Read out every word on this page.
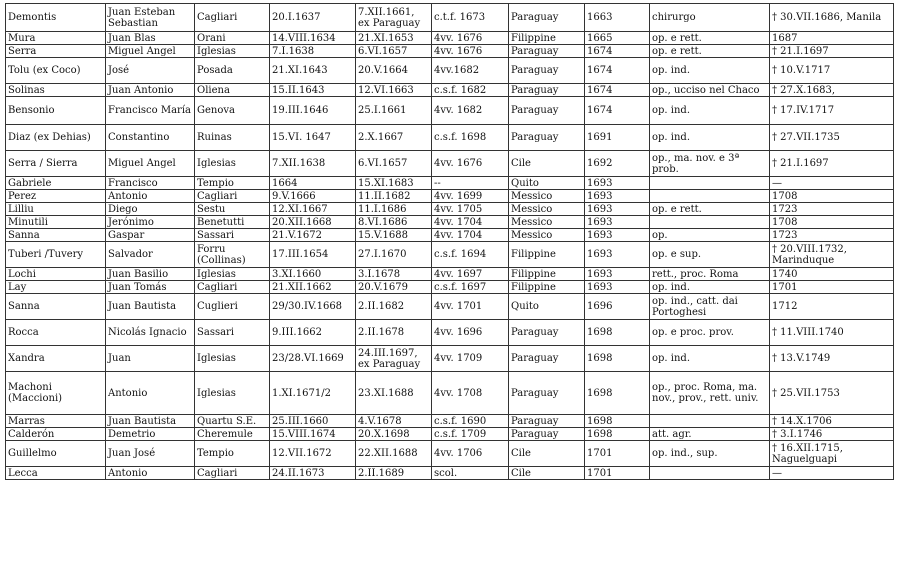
Demontis	Juan Esteban Sebastian	Cagliari	20.I.1637	7.XII.1661, ex Paraguay	c.t.f. 1673	Paraguay	1663	chirurgo	† 30.VII.1686, Manila
Mura	Juan Blas	Orani	14.VIII.1634	21.XI.1653	4vv. 1676	Filippine	1665	op. e rett.	1687
Serra	Miguel Angel	Iglesias	7.I.1638	6.VI.1657	4vv. 1676	Paraguay	1674	op. e rett.	† 21.I.1697
Tolu (ex Coco)	José	Posada	21.XI.1643	20.V.1664	4vv.1682	Paraguay	1674	op. ind.	† 10.V.1717
Solinas	Juan Antonio	Oliena	15.II.1643	12.VI.1663	c.s.f. 1682	Paraguay	1674	op., ucciso nel Chaco	† 27.X.1683,
Bensonio	Francisco María	Genova	19.III.1646	25.I.1661	4vv. 1682	Paraguay	1674	op. ind.	† 17.IV.1717
Diaz (ex Dehias)	Constantino	Ruinas	15.VI. 1647	2.X.1667	c.s.f. 1698	Paraguay	1691	op. ind.	† 27.VII.1735
Serra / Sierra	Miguel Angel	Iglesias	7.XII.1638	6.VI.1657	4vv. 1676	Cile	1692	op., ma. nov. e 3ª prob.	† 21.I.1697
Gabriele	Francisco	Tempio	1664	15.XI.1683	--	Quito	1693		—
Perez	Antonio	Cagliari	9.V.1666	11.II.1682	4vv. 1699	Messico	1693		1708
Lilliu	Diego	Sestu	12.XI.1667	11.I.1686	4vv. 1705	Messico	1693	op. e rett.	1723
Minutili	Jerónimo	Benetutti	20.XII.1668	8.VI.1686	4vv. 1704	Messico	1693		1708
Sanna	Gaspar	Sassari	21.V.1672	15.V.1688	4vv. 1704	Messico	1693	op.	1723
Tuberi /Tuvery	Salvador	Forru (Collinas)	17.III.1654	27.I.1670	c.s.f. 1694	Filippine	1693	op. e sup.	† 20.VIII.1732, Marinduque
Lochi	Juan Basilio	Iglesias	3.XI.1660	3.I.1678	4vv. 1697	Filippine	1693	rett., proc. Roma	1740
Lay	Juan Tomás	Cagliari	21.XII.1662	20.V.1679	c.s.f. 1697	Filippine	1693	op. ind.	1701
Sanna	Juan Bautista	Cuglieri	29/30.IV.1668	2.II.1682	4vv. 1701	Quito	1696	op. ind., catt. dai Portoghesi	1712
Rocca	Nicolás Ignacio	Sassari	9.III.1662	2.II.1678	4vv. 1696	Paraguay	1698	op. e proc. prov.	† 11.VIII.1740
Xandra	Juan	Iglesias	23/28.VI.1669	24.III.1697, ex Paraguay	4vv. 1709	Paraguay	1698	op. ind.	† 13.V.1749
Machoni (Maccioni)	Antonio	Iglesias	1.XI.1671/2	23.XI.1688	4vv. 1708	Paraguay	1698	op., proc. Roma, ma. nov., prov., rett. univ.	† 25.VII.1753
Marras	Juan Bautista	Quartu S.E.	25.III.1660	4.V.1678	c.s.f. 1690	Paraguay	1698		† 14.X.1706
Calderón	Demetrio	Cheremule	15.VIII.1674	20.X.1698	c.s.f. 1709	Paraguay	1698	att. agr.	† 3.I.1746
Guillelmo	Juan José	Tempio	12.VII.1672	22.XII.1688	4vv. 1706	Cile	1701	op. ind., sup.	† 16.XII.1715, Naguelguapi
Lecca	Antonio	Cagliari	24.II.1673	2.II.1689	scol.	Cile	1701		—
